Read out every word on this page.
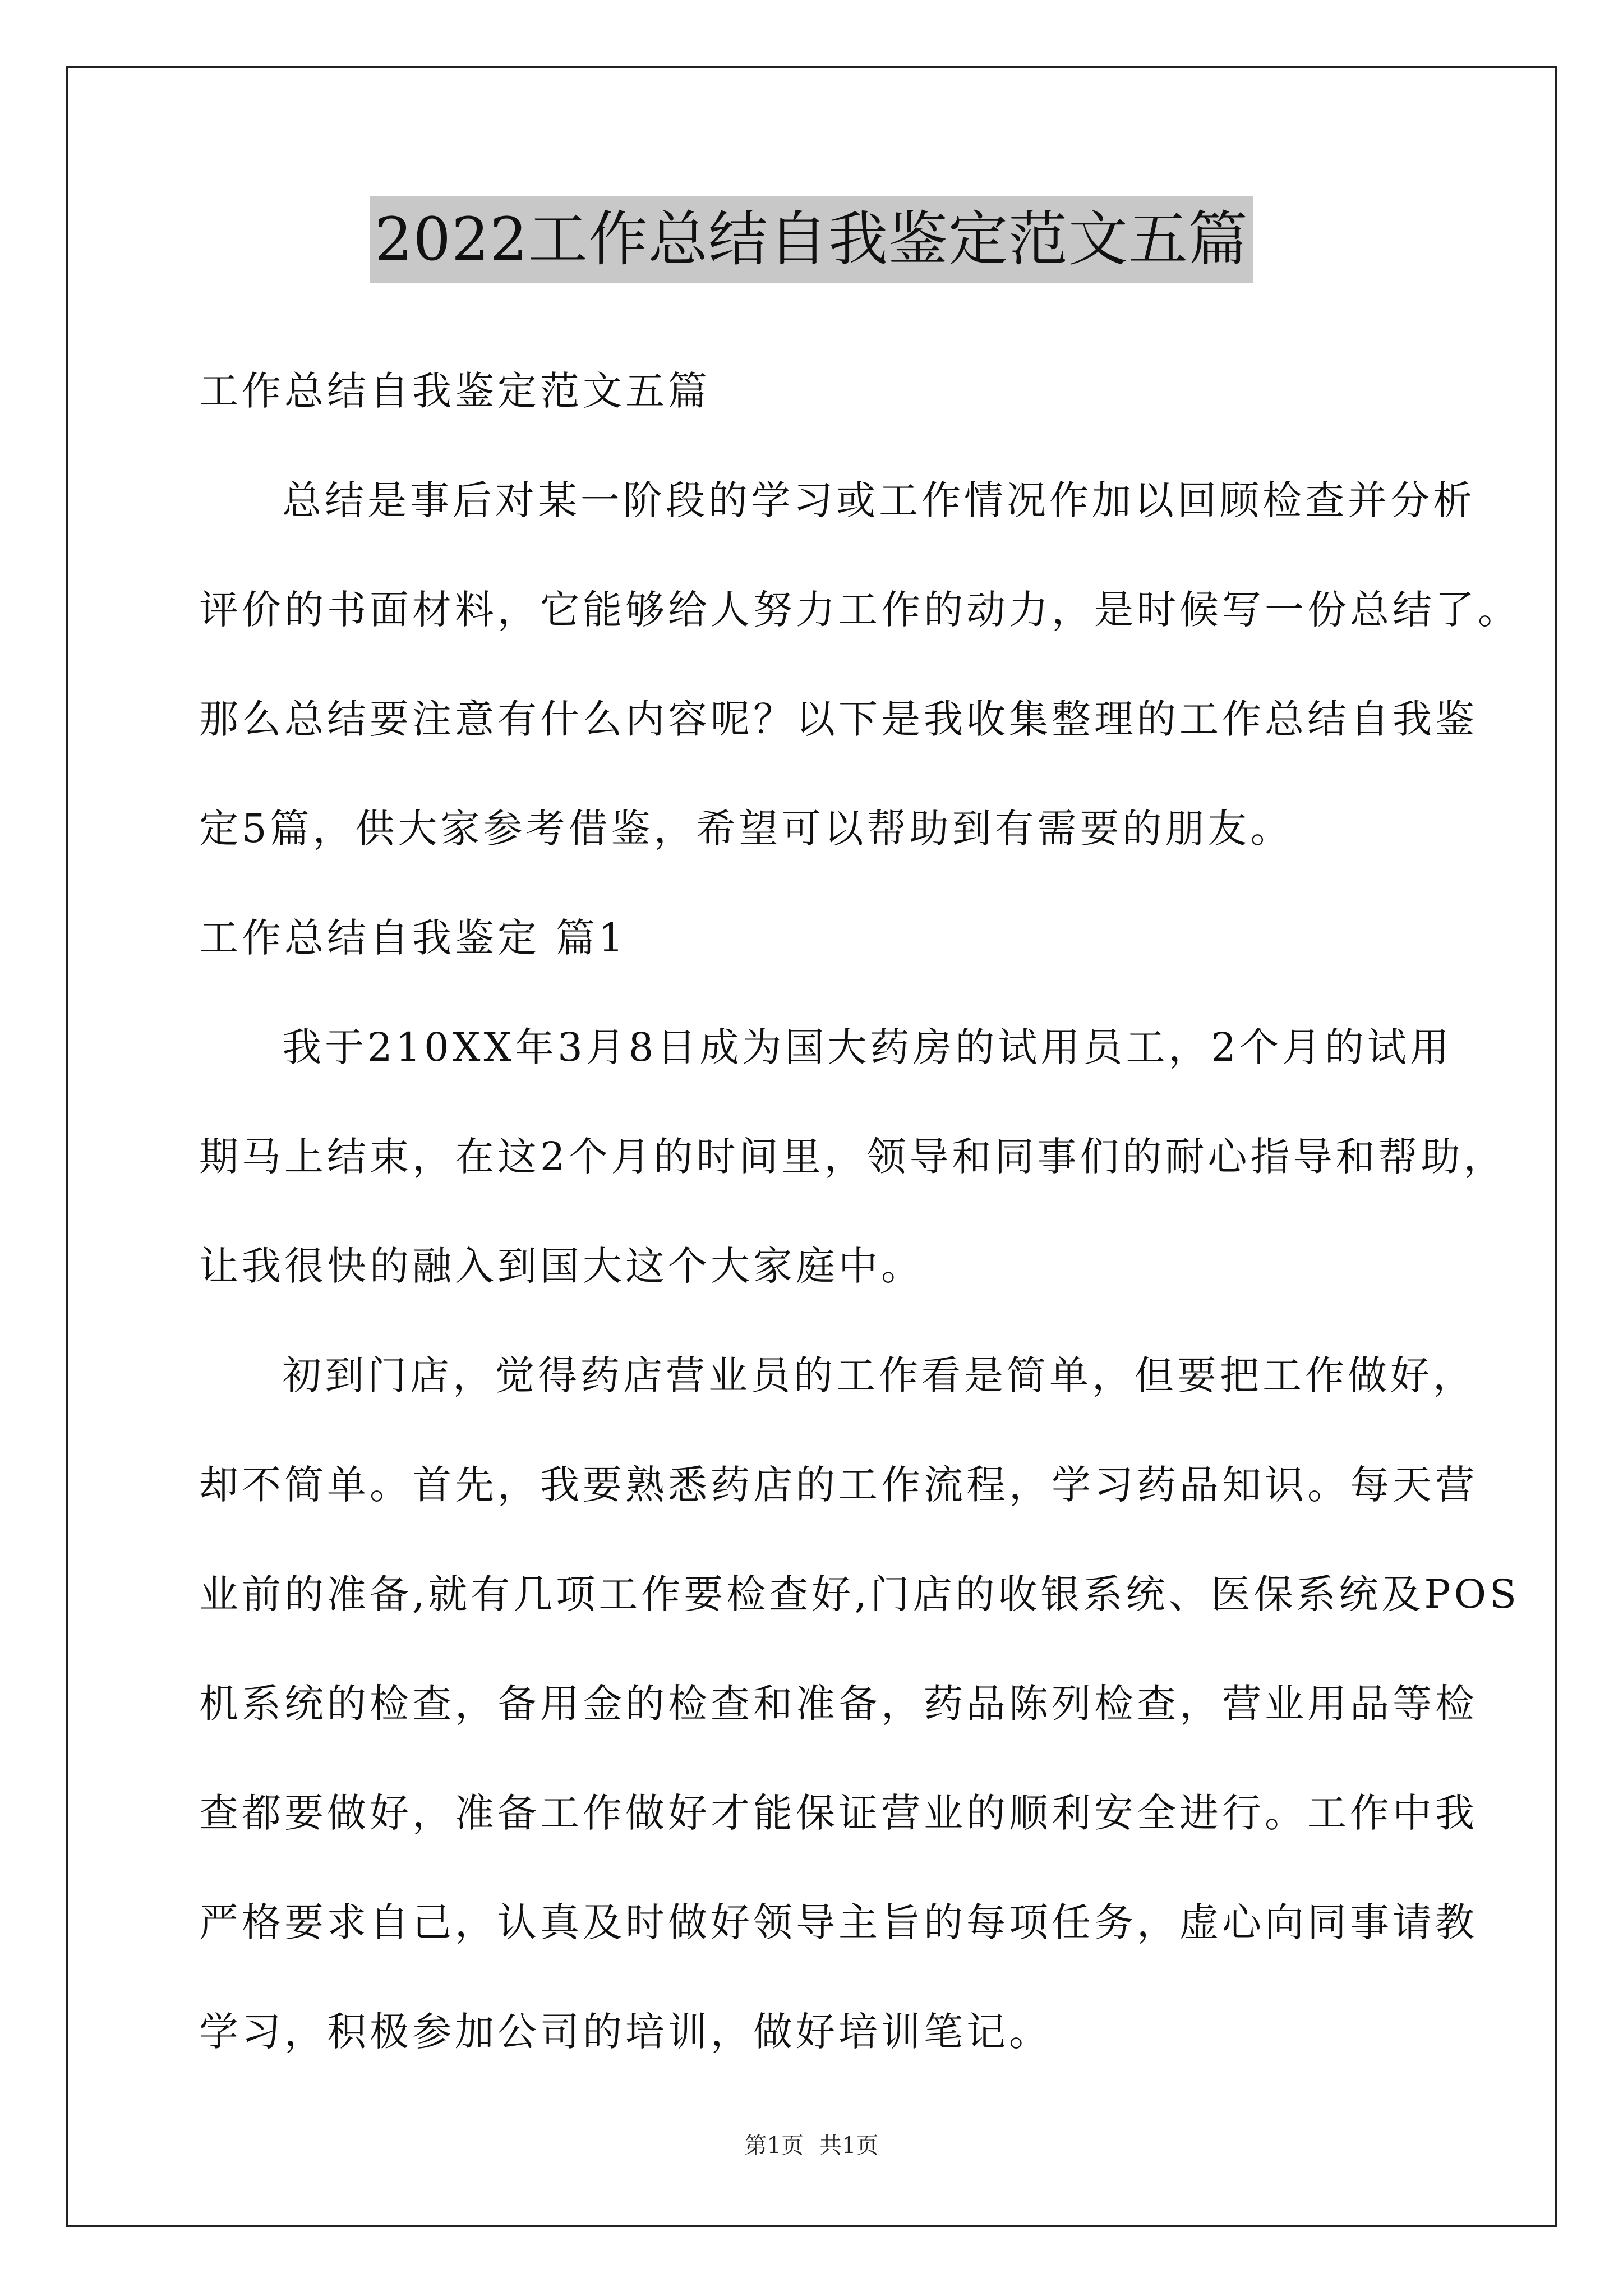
2022工作总结自我鉴定范文五篇
工作总结自我鉴定范文五篇
总结是事后对某一阶段的学习或工作情况作加以回顾检查并分析
评价的书面材料，它能够给人努力工作的动力，是时候写一份总结了。
那么总结要注意有什么内容呢？以下是我收集整理的工作总结自我鉴
定5篇，供大家参考借鉴，希望可以帮助到有需要的朋友。
工作总结自我鉴定 篇1
我于210XX年3月8日成为国大药房的试用员工，2个月的试用
期马上结束，在这2个月的时间里，领导和同事们的耐心指导和帮助，
让我很快的融入到国大这个大家庭中。
初到门店，觉得药店营业员的工作看是简单，但要把工作做好，
却不简单。首先，我要熟悉药店的工作流程，学习药品知识。每天营
业前的准备,就有几项工作要检查好,门店的收银系统、医保系统及POS
机系统的检查，备用金的检查和准备，药品陈列检查，营业用品等检
查都要做好，准备工作做好才能保证营业的顺利安全进行。工作中我
严格要求自己，认真及时做好领导主旨的每项任务，虚心向同事请教
学习，积极参加公司的培训，做好培训笔记。
第1页 共1页
